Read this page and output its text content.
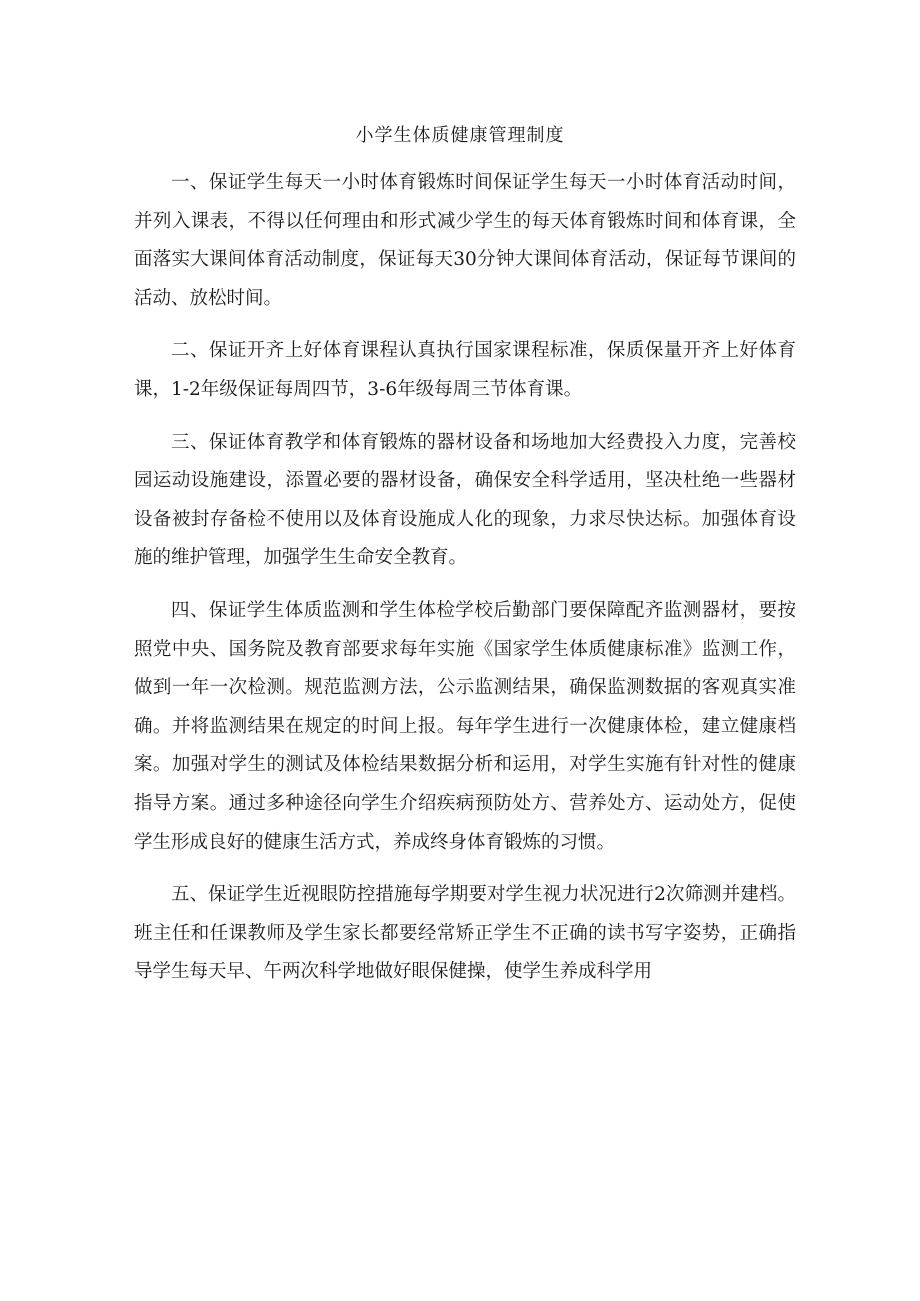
小学生体质健康管理制度

一、保证学生每天一小时体育锻炼时间保证学生每天一小时体育活动时间，并列入课表，不得以任何理由和形式减少学生的每天体育锻炼时间和体育课，全面落实大课间体育活动制度，保证每天30分钟大课间体育活动，保证每节课间的活动、放松时间。

二、保证开齐上好体育课程认真执行国家课程标准，保质保量开齐上好体育课，1-2年级保证每周四节，3-6年级每周三节体育课。

三、保证体育教学和体育锻炼的器材设备和场地加大经费投入力度，完善校园运动设施建设，添置必要的器材设备，确保安全科学适用，坚决杜绝一些器材设备被封存备检不使用以及体育设施成人化的现象，力求尽快达标。加强体育设施的维护管理，加强学生生命安全教育。

四、保证学生体质监测和学生体检学校后勤部门要保障配齐监测器材，要按照党中央、国务院及教育部要求每年实施《国家学生体质健康标准》监测工作，做到一年一次检测。规范监测方法，公示监测结果，确保监测数据的客观真实准确。并将监测结果在规定的时间上报。每年学生进行一次健康体检，建立健康档案。加强对学生的测试及体检结果数据分析和运用，对学生实施有针对性的健康指导方案。通过多种途径向学生介绍疾病预防处方、营养处方、运动处方，促使学生形成良好的健康生活方式，养成终身体育锻炼的习惯。

五、保证学生近视眼防控措施每学期要对学生视力状况进行2次筛测并建档。班主任和任课教师及学生家长都要经常矫正学生不正确的读书写字姿势，正确指导学生每天早、午两次科学地做好眼保健操，使学生养成科学用
